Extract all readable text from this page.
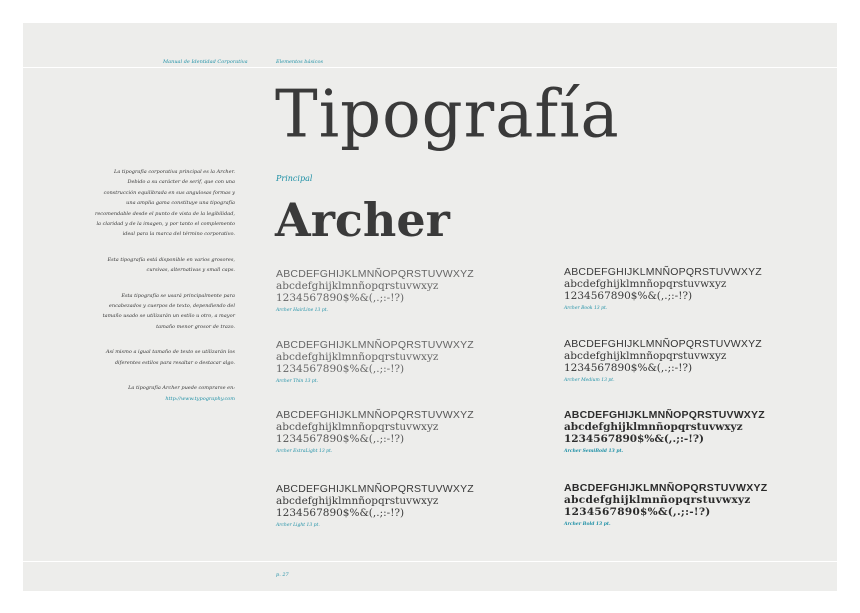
Manual de Identidad Corporativa	Elementos básicos
Tipografía
Principal
Archer

La tipografía corporativa principal es la Archer.
Debido a su carácter de serif, que con una
construcción equilibrada en sus angulosas formas y
una amplia gama constituye una tipografía
recomendable desde el punto de vista de la legibilidad,
la claridad y de la imagen, y por tanto el complemento
ideal para la marca del término corporativo.

Esta tipografía está disponible en varios grosores,
cursivas, alternativas y small caps.

Esta tipografía se usará principalmente para
encabezados y cuerpos de texto, dependiendo del
tamaño usado se utilizarán un estilo u otro, a mayor
tamaño menor grosor de trazo.

Así mismo a igual tamaño de texto se utilizarán los
diferentes estilos para resaltar o destacar algo.

La tipografía Archer puede comprarse en:
http://www.typography.com

ABCDEFGHIJKLMNÑOPQRSTUVWXYZ
abcdefghijklmnñopqrstuvwxyz
1234567890$%&(,.;:-!?)
Archer HairLine 13 pt.
ABCDEFGHIJKLMNÑOPQRSTUVWXYZ
abcdefghijklmnñopqrstuvwxyz
1234567890$%&(,.;:-!?)
Archer Thin 13 pt.
ABCDEFGHIJKLMNÑOPQRSTUVWXYZ
abcdefghijklmnñopqrstuvwxyz
1234567890$%&(,.;:-!?)
Archer ExtraLight 13 pt.
ABCDEFGHIJKLMNÑOPQRSTUVWXYZ
abcdefghijklmnñopqrstuvwxyz
1234567890$%&(,.;:-!?)
Archer Light 13 pt.
ABCDEFGHIJKLMNÑOPQRSTUVWXYZ
abcdefghijklmnñopqrstuvwxyz
1234567890$%&(,.;:-!?)
Archer Book 13 pt.
ABCDEFGHIJKLMNÑOPQRSTUVWXYZ
abcdefghijklmnñopqrstuvwxyz
1234567890$%&(,.;:-!?)
Archer Medium 13 pt.
ABCDEFGHIJKLMNÑOPQRSTUVWXYZ
abcdefghijklmnñopqrstuvwxyz
1234567890$%&(,.;:-!?)
Archer SemiBold 13 pt.
ABCDEFGHIJKLMNÑOPQRSTUVWXYZ
abcdefghijklmnñopqrstuvwxyz
1234567890$%&(,.;:-!?)
Archer Bold 13 pt.
p. 27
